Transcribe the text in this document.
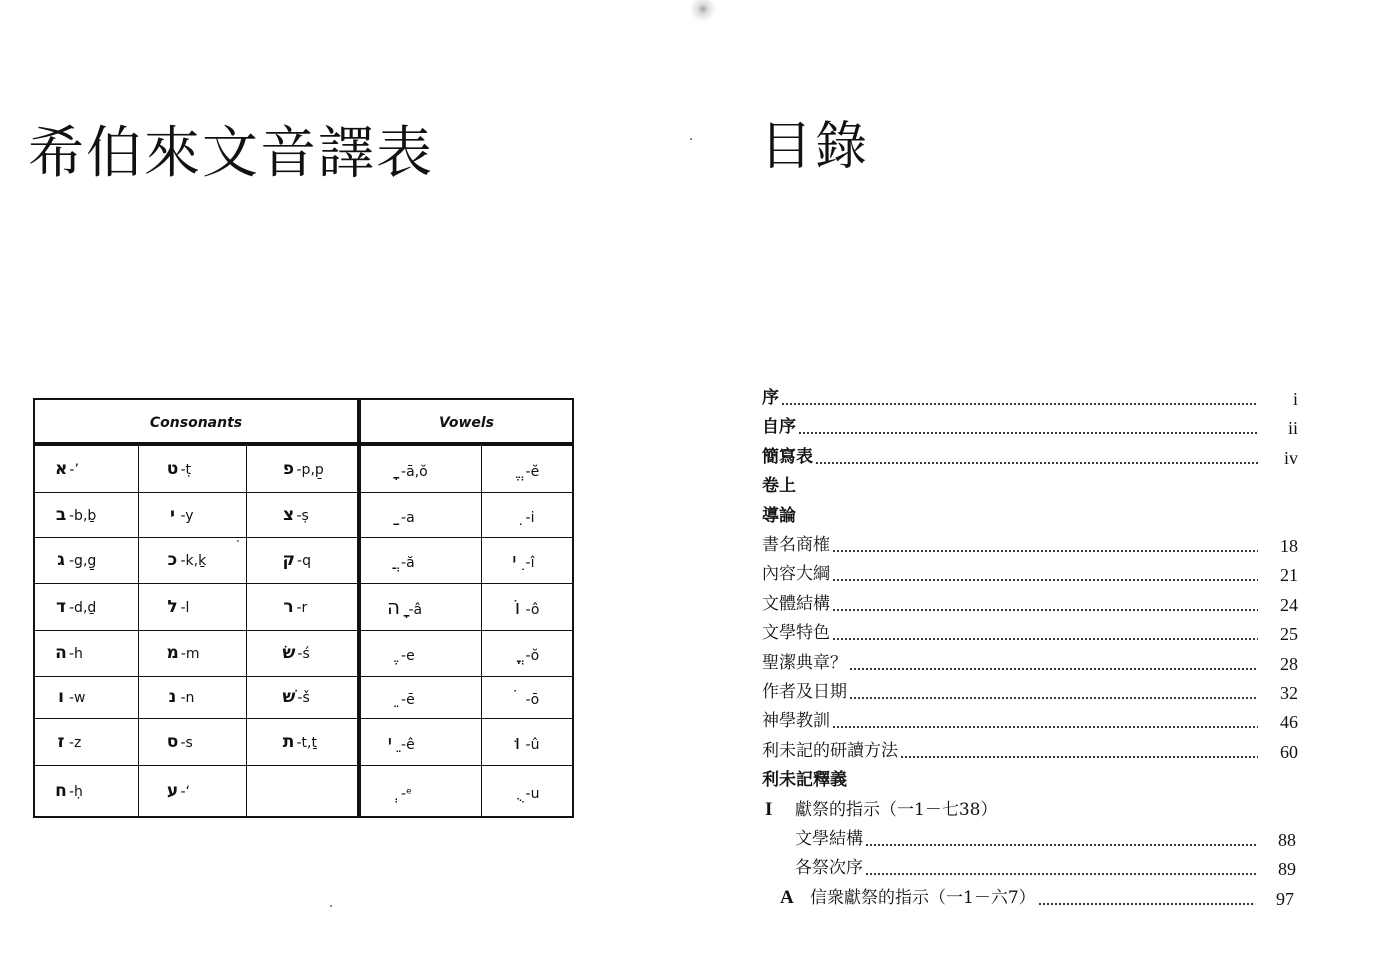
希伯來文音譯表
Consonants			Vowels	
א -’	ט -ṭ	פ -p,p̱	ָ -ā,ŏ	ֱ -ĕ
ב -b,ḇ	י -y	צ -ṣ	ַ -a	ִ -i
ג -g,g̱	כ -k,ḵ	ק -q	ֲ -ă	ִי -î
ד -d,ḏ	ל -l	ר -r	ָה -â	וֹ -ô
ה -h	מ -m	שׂ -ś	ֶ -e	ֳ -ŏ
ו -w	נ -n	שׁ -š	ֵ -ē	ֹ -ō
ז -z	ס -s	ת -t,ṯ	ֵי -ê	וּ -û
ח -ḥ	ע -‘		ְ -ᵉ	ֻ -u
目錄
序	i
自序	ii
簡寫表	iv
卷上
導論
書名商榷	18
內容大綱	21
文體結構	24
文學特色	25
聖潔典章？	28
作者及日期	32
神學教訓	46
利未記的研讀方法	60
利未記釋義
I	獻祭的指示（一1－七38）
文學結構	88
各祭次序	89
A 信衆獻祭的指示（一1－六7）	97
